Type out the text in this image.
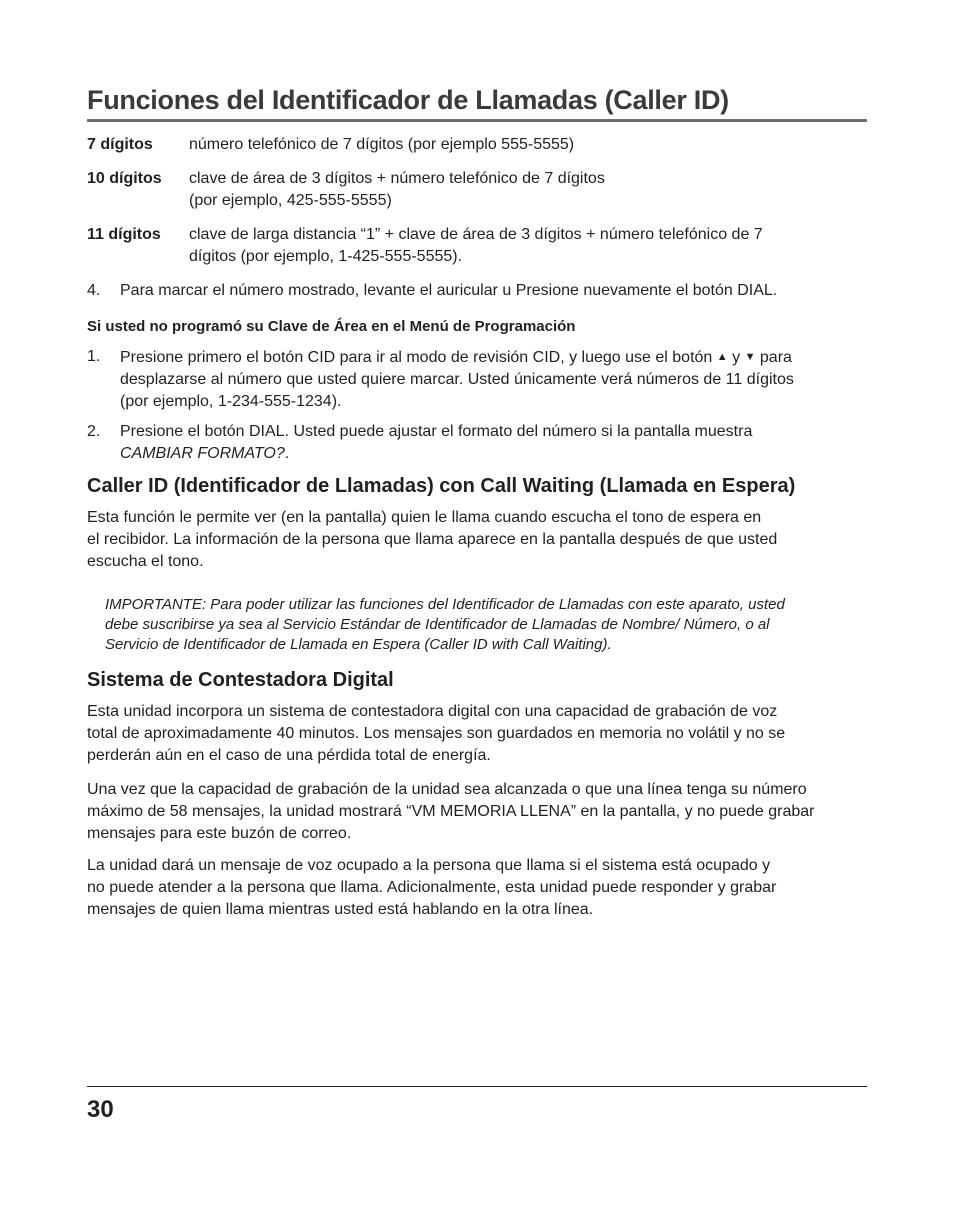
Funciones del Identificador de Llamadas (Caller ID)
7 dígitos	número telefónico de 7 dígitos (por ejemplo 555-5555)
10 dígitos	clave de área de 3 dígitos + número telefónico de 7 dígitos
(por ejemplo, 425-555-5555)
11 dígitos	clave de larga distancia “1” + clave de área de 3 dígitos + número telefónico de 7
dígitos (por ejemplo, 1-425-555-5555).
4.	Para marcar el número mostrado, levante el auricular u Presione nuevamente el botón DIAL.
Si usted no programó su Clave de Área en el Menú de Programación
1.	Presione primero el botón CID para ir al modo de revisión CID, y luego use el botón ▲ y ▼ para
desplazarse al número que usted quiere marcar. Usted únicamente verá números de 11 dígitos
(por ejemplo, 1-234-555-1234).
2.	Presione el botón DIAL. Usted puede ajustar el formato del número si la pantalla muestra
CAMBIAR FORMATO?.
Caller ID (Identificador de Llamadas) con Call Waiting (Llamada en Espera)

Esta función le permite ver (en la pantalla) quien le llama cuando escucha el tono de espera en

el recibidor. La información de la persona que llama aparece en la pantalla después de que usted

escucha el tono.

IMPORTANTE: Para poder utilizar las funciones del Identificador de Llamadas con este aparato, usted
debe suscribirse ya sea al Servicio Estándar de Identificador de Llamadas de Nombre/ Número, o al
Servicio de Identificador de Llamada en Espera (Caller ID with Call Waiting).
Sistema de Contestadora Digital

Esta unidad incorpora un sistema de contestadora digital con una capacidad de grabación de voz

total de aproximadamente 40 minutos. Los mensajes son guardados en memoria no volátil y no se

perderán aún en el caso de una pérdida total de energía.

Una vez que la capacidad de grabación de la unidad sea alcanzada o que una línea tenga su número

máximo de 58 mensajes, la unidad mostrará “VM MEMORIA LLENA” en la pantalla, y no puede grabar

mensajes para este buzón de correo.

La unidad dará un mensaje de voz ocupado a la persona que llama si el sistema está ocupado y

no puede atender a la persona que llama. Adicionalmente, esta unidad puede responder y grabar

mensajes de quien llama mientras usted está hablando en la otra línea.

30
